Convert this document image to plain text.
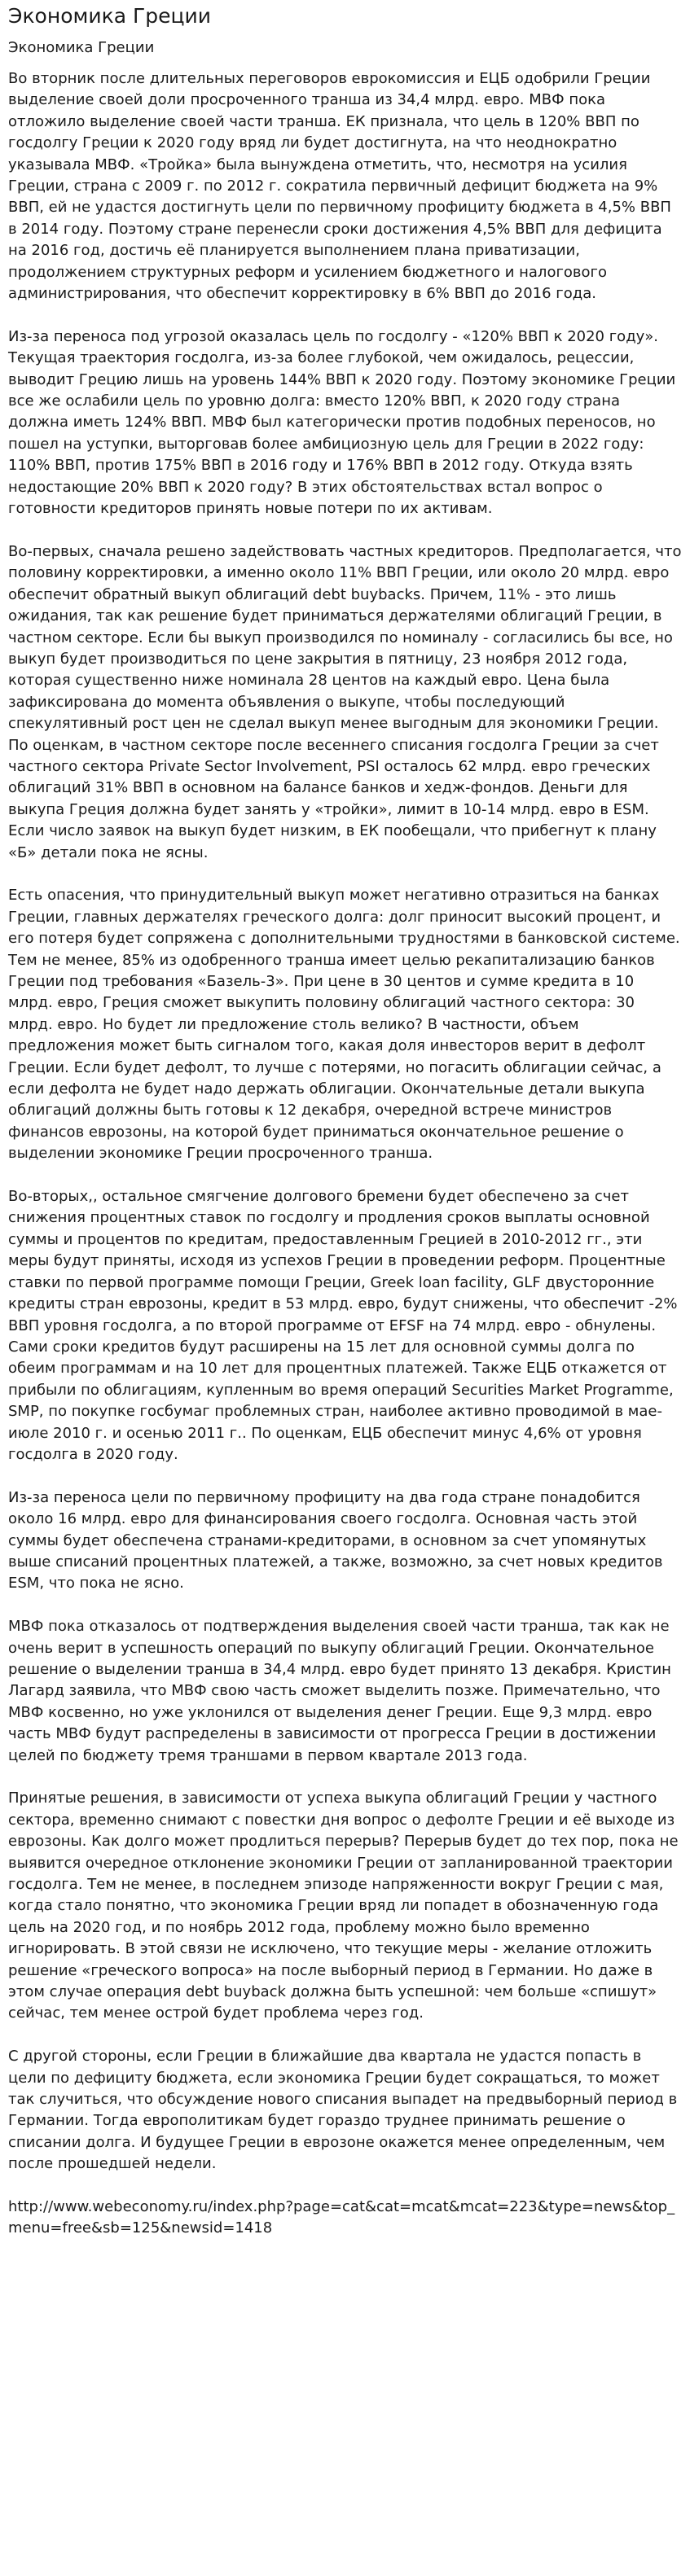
Экономика Греции
Экономика Греции

Во вторник после длительных переговоров еврокомиссия и ЕЦБ одобрили Греции выделение своей доли просроченного транша из 34,4 млрд. евро. МВФ пока отложило выделение своей части транша. ЕК признала, что цель в 120% ВВП по госдолгу Греции к 2020 году вряд ли будет достигнута, на что неоднократно указывала МВФ. «Тройка» была вынуждена отметить, что, несмотря на усилия Греции, страна с 2009 г. по 2012 г. сократила первичный дефицит бюджета на 9% ВВП, ей не удастся достигнуть цели по первичному профициту бюджета в 4,5% ВВП в 2014 году. Поэтому стране перенесли сроки достижения 4,5% ВВП для дефицита на 2016 год, достичь её планируется выполнением плана приватизации, продолжением структурных реформ и усилением бюджетного и налогового администрирования, что обеспечит корректировку в 6% ВВП до 2016 года.

Из-за переноса под угрозой оказалась цель по госдолгу - «120% ВВП к 2020 году». Текущая траектория госдолга, из-за более глубокой, чем ожидалось, рецессии, выводит Грецию лишь на уровень 144% ВВП к 2020 году. Поэтому экономике Греции все же ослабили цель по уровню долга: вместо 120% ВВП, к 2020 году страна должна иметь 124% ВВП. МВФ был категорически против подобных переносов, но пошел на уступки, выторговав более амбициозную цель для Греции в 2022 году: 110% ВВП, против 175% ВВП в 2016 году и 176% ВВП в 2012 году. Откуда взять недостающие 20% ВВП к 2020 году? В этих обстоятельствах встал вопрос о готовности кредиторов принять новые потери по их активам.

Во-первых, сначала решено задействовать частных кредиторов. Предполагается, что половину корректировки, а именно около 11% ВВП Греции, или около 20 млрд. евро обеспечит обратный выкуп облигаций debt buybacks. Причем, 11% - это лишь ожидания, так как решение будет приниматься держателями облигаций Греции, в частном секторе. Если бы выкуп производился по номиналу - согласились бы все, но выкуп будет производиться по цене закрытия в пятницу, 23 ноября 2012 года, которая существенно ниже номинала 28 центов на каждый евро. Цена была зафиксирована до момента объявления о выкупе, чтобы последующий спекулятивный рост цен не сделал выкуп менее выгодным для экономики Греции. По оценкам, в частном секторе после весеннего списания госдолга Греции за счет частного сектора Private Sector Involvement, PSI осталось 62 млрд. евро греческих облигаций 31% ВВП в основном на балансе банков и хедж-фондов. Деньги для выкупа Греция должна будет занять у «тройки», лимит в 10-14 млрд. евро в ESM. Если число заявок на выкуп будет низким, в ЕК пообещали, что прибегнут к плану «Б» детали пока не ясны.

Есть опасения, что принудительный выкуп может негативно отразиться на банках Греции, главных держателях греческого долга: долг приносит высокий процент, и его потеря будет сопряжена с дополнительными трудностями в банковской системе. Тем не менее, 85% из одобренного транша имеет целью рекапитализацию банков Греции под требования «Базель-3». При цене в 30 центов и сумме кредита в 10 млрд. евро, Греция сможет выкупить половину облигаций частного сектора: 30 млрд. евро. Но будет ли предложение столь велико? В частности, объем предложения может быть сигналом того, какая доля инвесторов верит в дефолт Греции. Если будет дефолт, то лучше с потерями, но погасить облигации сейчас, а если дефолта не будет надо держать облигации. Окончательные детали выкупа облигаций должны быть готовы к 12 декабря, очередной встрече министров финансов еврозоны, на которой будет приниматься окончательное решение о выделении экономике Греции просроченного транша.

Во-вторых,, остальное смягчение долгового бремени будет обеспечено за счет снижения процентных ставок по госдолгу и продления сроков выплаты основной суммы и процентов по кредитам, предоставленным Грецией в 2010-2012 гг., эти меры будут приняты, исходя из успехов Греции в проведении реформ. Процентные ставки по первой программе помощи Греции, Greek loan facility, GLF двусторонние кредиты стран еврозоны, кредит в 53 млрд. евро, будут снижены, что обеспечит -2% ВВП уровня госдолга, а по второй программе от EFSF на 74 млрд. евро - обнулены. Сами сроки кредитов будут расширены на 15 лет для основной суммы долга по обеим программам и на 10 лет для процентных платежей. Также ЕЦБ откажется от прибыли по облигациям, купленным во время операций Securities Market Programme, SMP, по покупке госбумаг проблемных стран, наиболее активно проводимой в мае-июле 2010 г. и осенью 2011 г.. По оценкам, ЕЦБ обеспечит минус 4,6% от уровня госдолга в 2020 году.

Из-за переноса цели по первичному профициту на два года стране понадобится около 16 млрд. евро для финансирования своего госдолга. Основная часть этой суммы будет обеспечена странами-кредиторами, в основном за счет упомянутых выше списаний процентных платежей, а также, возможно, за счет новых кредитов ESM, что пока не ясно.

МВФ пока отказалось от подтверждения выделения своей части транша, так как не очень верит в успешность операций по выкупу облигаций Греции. Окончательное решение о выделении транша в 34,4 млрд. евро будет принято 13 декабря. Кристин Лагард заявила, что МВФ свою часть сможет выделить позже. Примечательно, что МВФ косвенно, но уже уклонился от выделения денег Греции. Еще 9,3 млрд. евро часть МВФ будут распределены в зависимости от прогресса Греции в достижении целей по бюджету тремя траншами в первом квартале 2013 года.

Принятые решения, в зависимости от успеха выкупа облигаций Греции у частного сектора, временно снимают с повестки дня вопрос о дефолте Греции и её выходе из еврозоны. Как долго может продлиться перерыв? Перерыв будет до тех пор, пока не выявится очередное отклонение экономики Греции от запланированной траектории госдолга. Тем не менее, в последнем эпизоде напряженности вокруг Греции с мая, когда стало понятно, что экономика Греции вряд ли попадет в обозначенную года цель на 2020 год, и по ноябрь 2012 года, проблему можно было временно игнорировать. В этой связи не исключено, что текущие меры - желание отложить решение «греческого вопроса» на после выборный период в Германии. Но даже в этом случае операция debt buyback должна быть успешной: чем больше «спишут» сейчас, тем менее острой будет проблема через год.

С другой стороны, если Греции в ближайшие два квартала не удастся попасть в цели по дефициту бюджета, если экономика Греции будет сокращаться, то может так случиться, что обсуждение нового списания выпадет на предвыборный период в Германии. Тогда европолитикам будет гораздо труднее принимать решение о списании долга. И будущее Греции в еврозоне окажется менее определенным, чем после прошедшей недели.

http://www.webeconomy.ru/index.php?page=cat&cat=mcat&mcat=223&type=news&top_menu=free&sb=125&newsid=1418
